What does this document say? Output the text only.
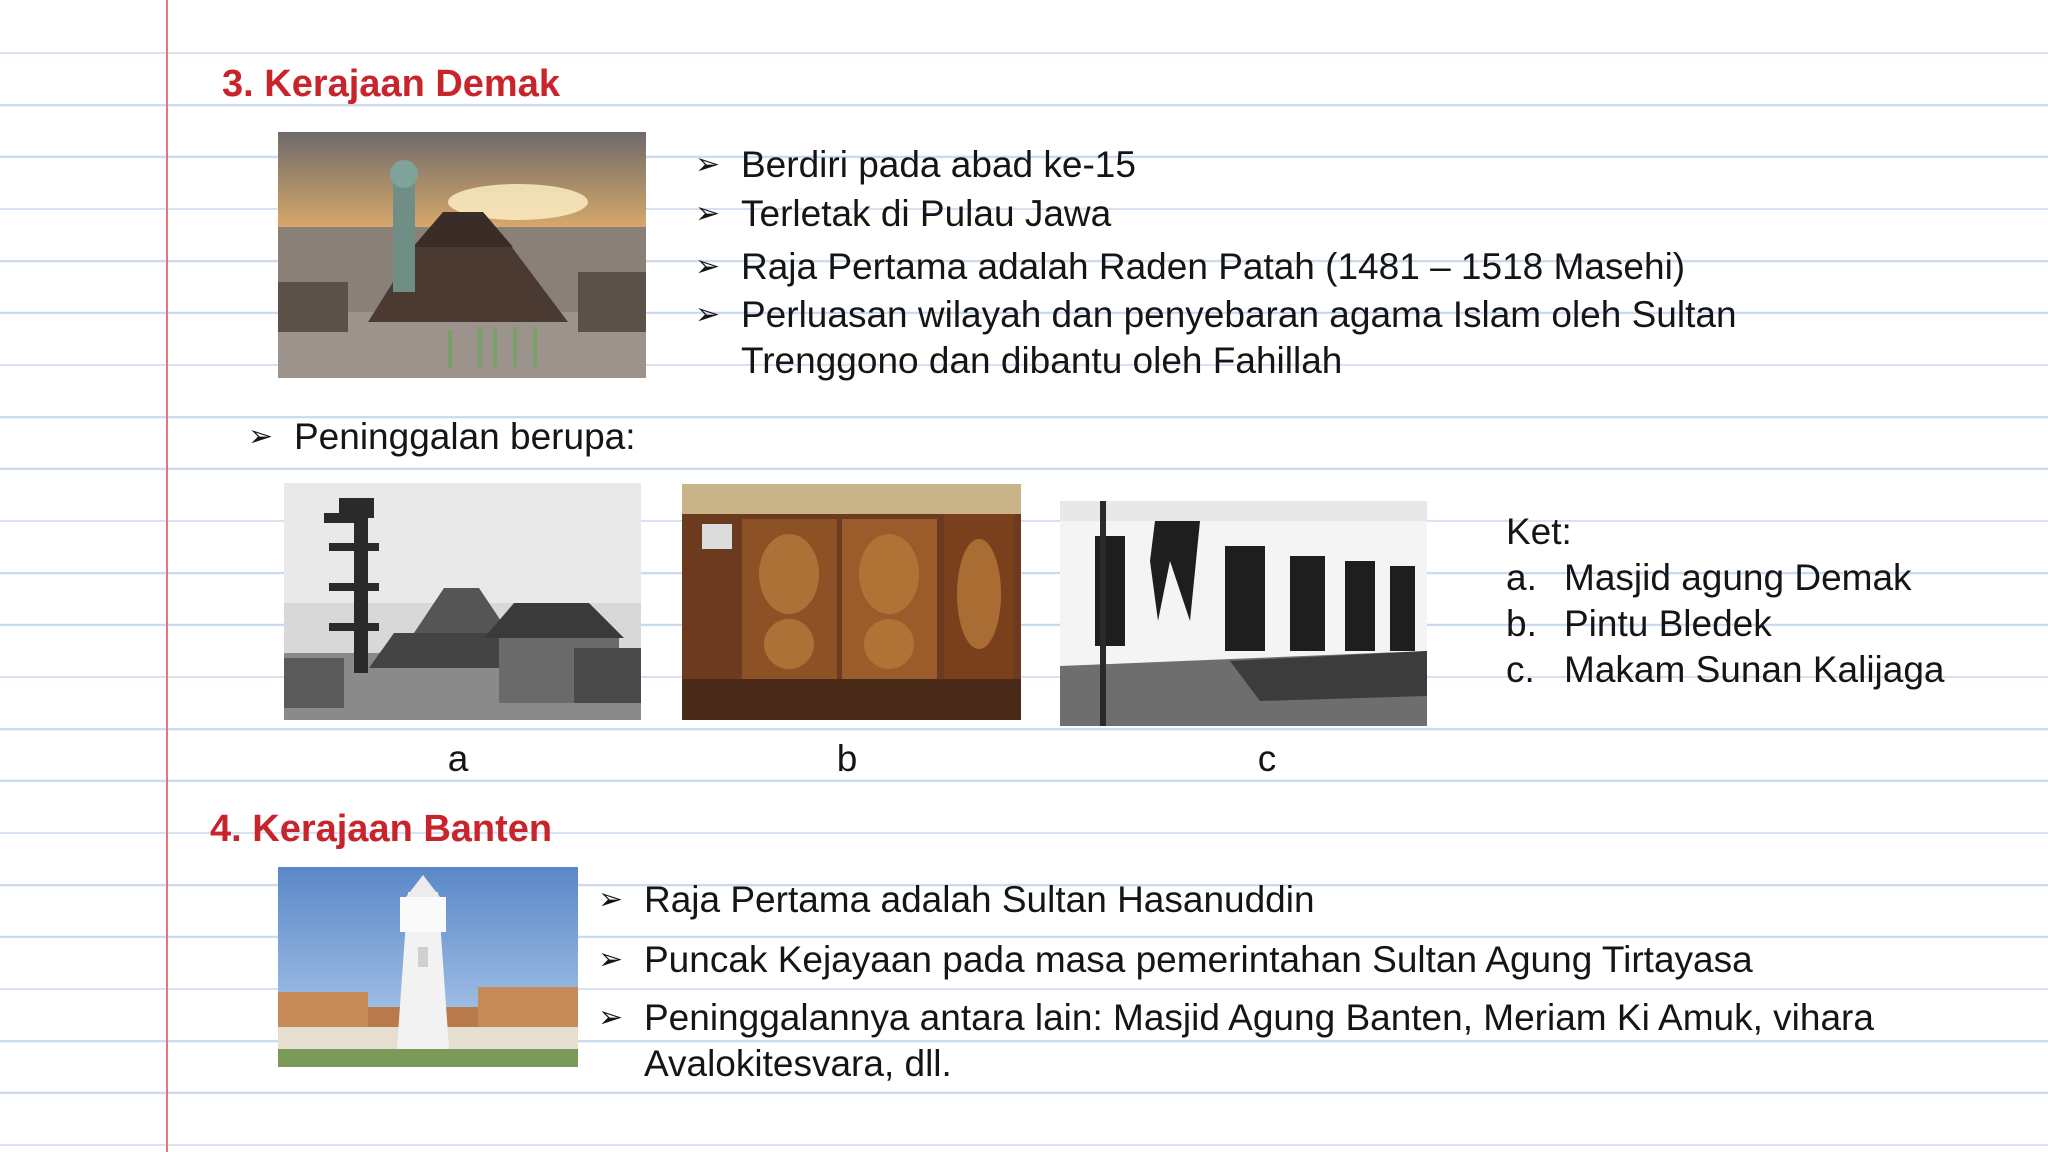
3. Kerajaan Demak
➢ Berdiri pada abad ke-15
➢ Terletak di Pulau Jawa
➢ Raja Pertama adalah Raden Patah (1481 – 1518 Masehi)
➢ Perluasan wilayah dan penyebaran agama Islam oleh Sultan Trenggono dan dibantu oleh Fahillah
➢ Peninggalan berupa:
a	b	c
Ket:
a. Masjid agung Demak
b. Pintu Bledek
c. Makam Sunan Kalijaga
4. Kerajaan Banten
➢ Raja Pertama adalah Sultan Hasanuddin
➢ Puncak Kejayaan pada masa pemerintahan Sultan Agung Tirtayasa
➢ Peninggalannya antara lain: Masjid Agung Banten, Meriam Ki Amuk, vihara Avalokitesvara, dll.
